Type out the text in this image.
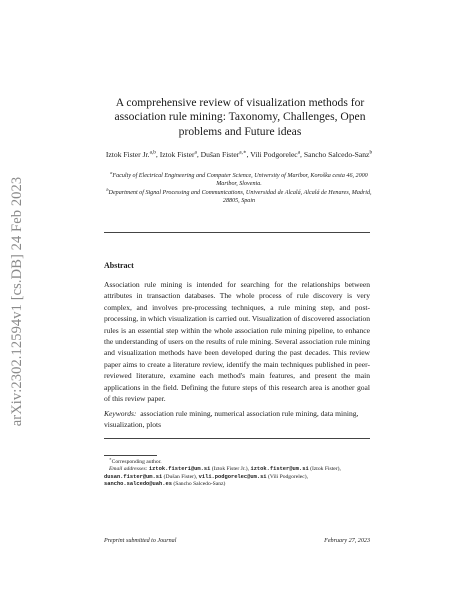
arXiv:2302.12594v1 [cs.DB] 24 Feb 2023
A comprehensive review of visualization methods for association rule mining: Taxonomy, Challenges, Open problems and Future ideas
Iztok Fister Jr.$^{a,b}$, Iztok Fister$^a$, Dušan Fister$^{a,∗}$, Vili Podgorelec$^a$, Sancho Salcedo-Sanz$^b$
$^a$Faculty of Electrical Engineering and Computer Science, University of Maribor, Koroška cesta 46, 2000 Maribor, Slovenia.
$^b$Department of Signal Processing and Communications, Universidad de Alcalá, Alcalá de Henares, Madrid, 28805, Spain
Abstract

Association rule mining is intended for searching for the relationships between attributes in transaction databases. The whole process of rule discovery is very complex, and involves pre-processing techniques, a rule mining step, and post-processing, in which visualization is carried out. Visualization of discovered association rules is an essential step within the whole association rule mining pipeline, to enhance the understanding of users on the results of rule mining. Several association rule mining and visualization methods have been developed during the past decades. This review paper aims to create a literature review, identify the main techniques published in peer-reviewed literature, examine each method's main features, and present the main applications in the field. Defining the future steps of this research area is another goal of this review paper.

Keywords: association rule mining, numerical association rule mining, data mining, visualization, plots

∗Corresponding author.
Email addresses: iztok.fister1@um.si (Iztok Fister Jr.), iztok.fister@um.si (Iztok Fister), dusan.fister@um.si (Dušan Fister), vili.podgorelec@um.si (Vili Podgorelec), sancho.salcedo@uah.es (Sancho Salcedo-Sanz)
Preprint submitted to Journal	February 27, 2023
